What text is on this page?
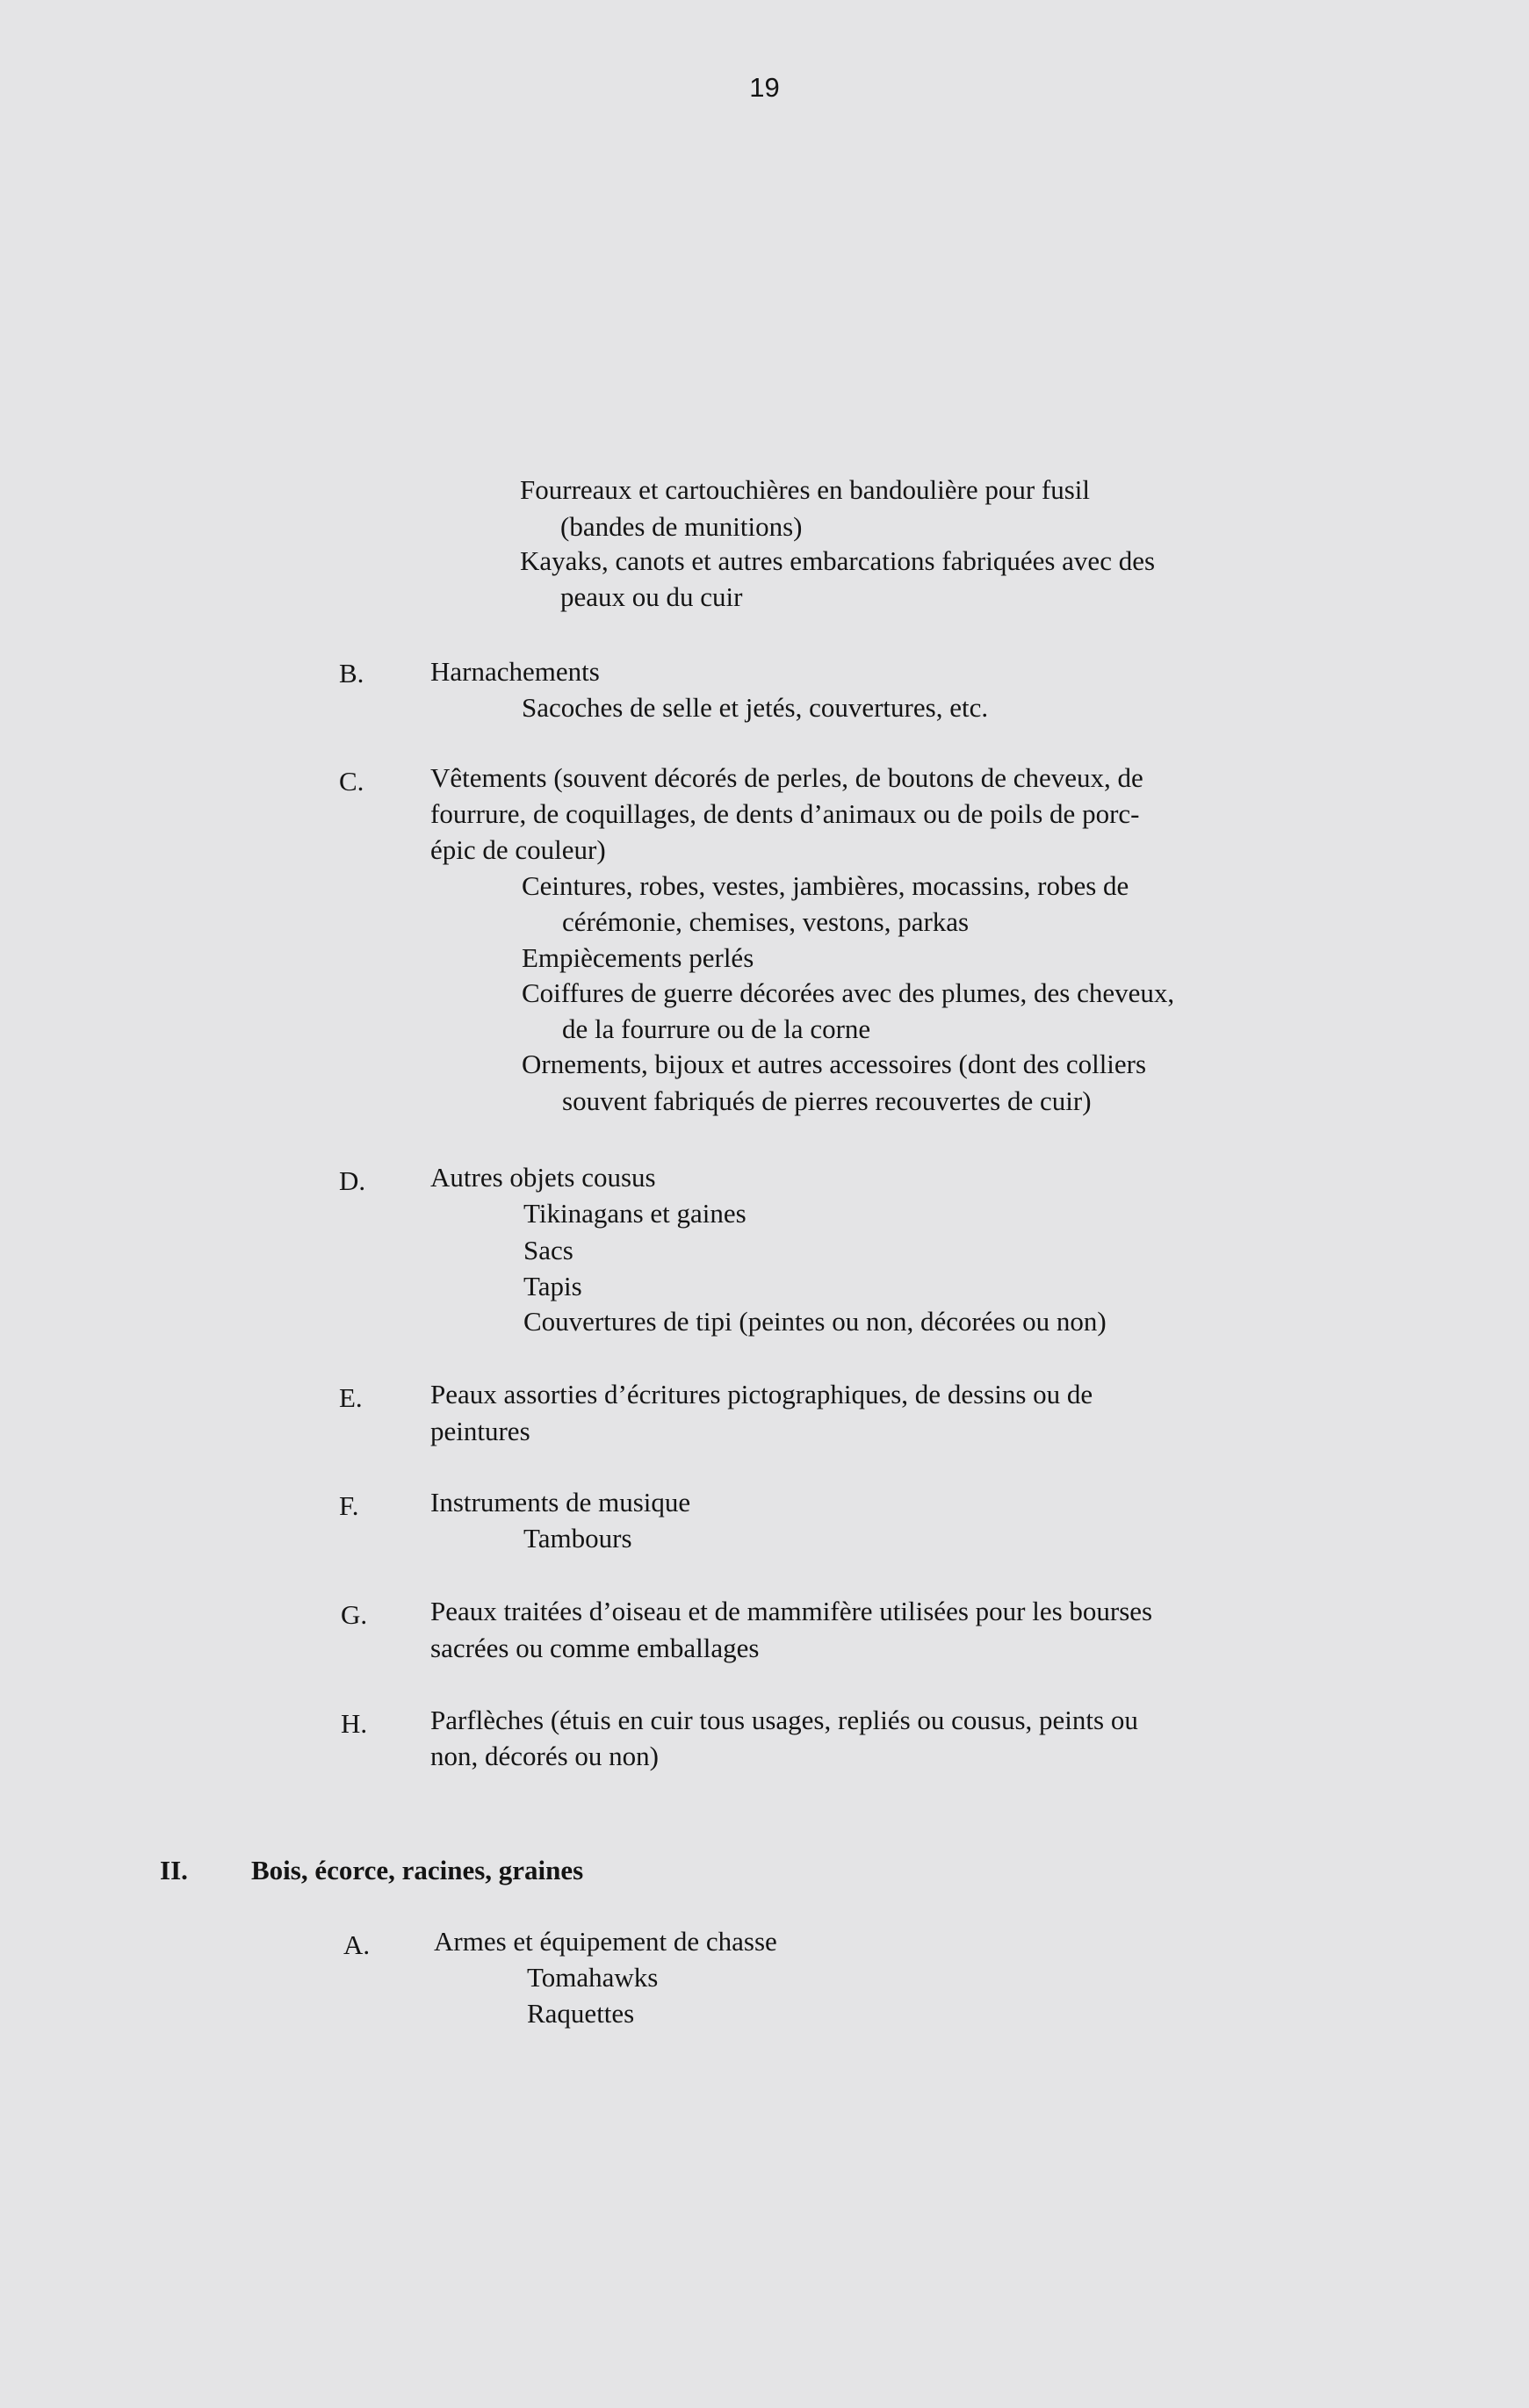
19
Fourreaux et cartouchières en bandoulière pour fusil
(bandes de munitions)
Kayaks, canots et autres embarcations fabriquées avec des
peaux ou du cuir
B. Harnachements
Sacoches de selle et jetés, couvertures, etc.
C. Vêtements (souvent décorés de perles, de boutons de cheveux, de
fourrure, de coquillages, de dents d’animaux ou de poils de porc-
épic de couleur)
Ceintures, robes, vestes, jambières, mocassins, robes de
cérémonie, chemises, vestons, parkas
Empiècements perlés
Coiffures de guerre décorées avec des plumes, des cheveux,
de la fourrure ou de la corne
Ornements, bijoux et autres accessoires (dont des colliers
souvent fabriqués de pierres recouvertes de cuir)
D. Autres objets cousus
Tikinagans et gaines
Sacs
Tapis
Couvertures de tipi (peintes ou non, décorées ou non)
E. Peaux assorties d’écritures pictographiques, de dessins ou de
peintures
F.	Instruments de musique
Tambours
G. Peaux traitées d’oiseau et de mammifère utilisées pour les bourses
sacrées ou comme emballages
H. Parflèches (étuis en cuir tous usages, repliés ou cousus, peints ou
non, décorés ou non)
II. Bois, écorce, racines, graines
A. Armes et équipement de chasse
Tomahawks
Raquettes
